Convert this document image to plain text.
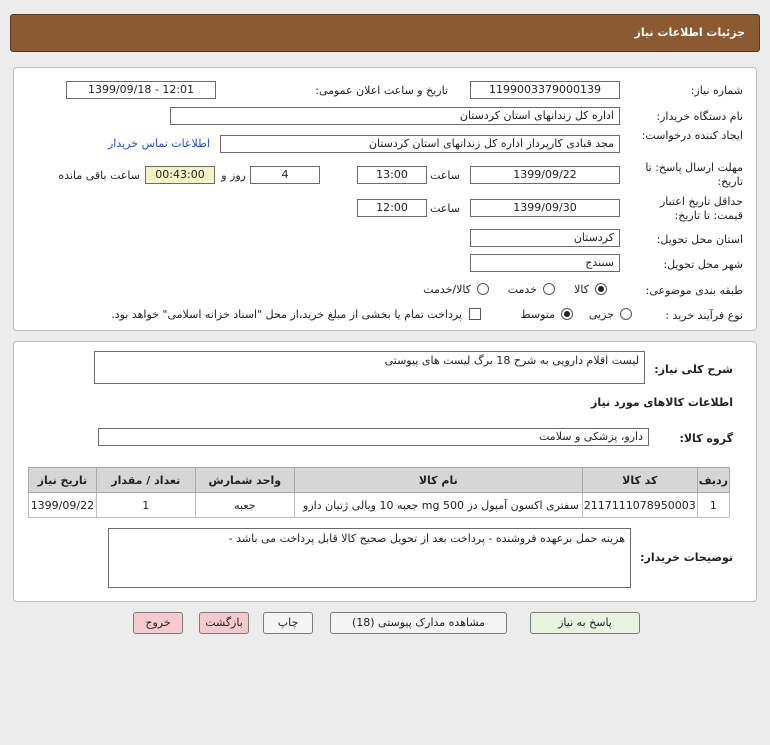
جزئیات اطلاعات نیاز
شماره نیاز:
1199003379000139
تاریخ و ساعت اعلان عمومی:
1399/09/18 - 12:01
نام دستگاه خریدار:
اداره کل زندانهای استان کردستان
ایجاد کننده درخواست:
مجد قبادی کارپرداز اداره کل زندانهای استان کردستان
اطلاعات تماس خریدار
مهلت ارسال پاسخ: تا تاریخ:
1399/09/22
ساعت
13:00
4
روز و
00:43:00
ساعت باقی مانده
حداقل تاریخ اعتبار قیمت: تا تاریخ:
1399/09/30
ساعت
12:00
استان محل تحویل:
کردستان
شهر محل تحویل:
سنندج
طبقه بندی موضوعی:
کالا
خدمت
کالا/خدمت
نوع فرآیند خرید :
جزیی
متوسط
پرداخت تمام یا بخشی از مبلغ خرید،از محل "اسناد خزانه اسلامی" خواهد بود.
شرح کلی نیاز:
لیست اقلام دارویی به شرح 18 برگ لیست های پیوستی
اطلاعات کالاهای مورد نیاز
گروه کالا:
دارو، پزشکی و سلامت
ردیف	کد کالا	نام کالا	واحد شمارش	تعداد / مقدار	تاریخ نیاز
1	2117111078950003	سفتری اکسون آمپول دز 500 mg جعبه 10 ویالی ژتیان دارو	جعبه	1	1399/09/22
توضیحات خریدار:
هزینه حمل برعهده فروشنده - پرداخت بعد از تحویل صحیح کالا قابل پرداخت می باشد -
پاسخ به نیاز
مشاهده مدارک پیوستی (18)
چاپ
بازگشت
خروج
